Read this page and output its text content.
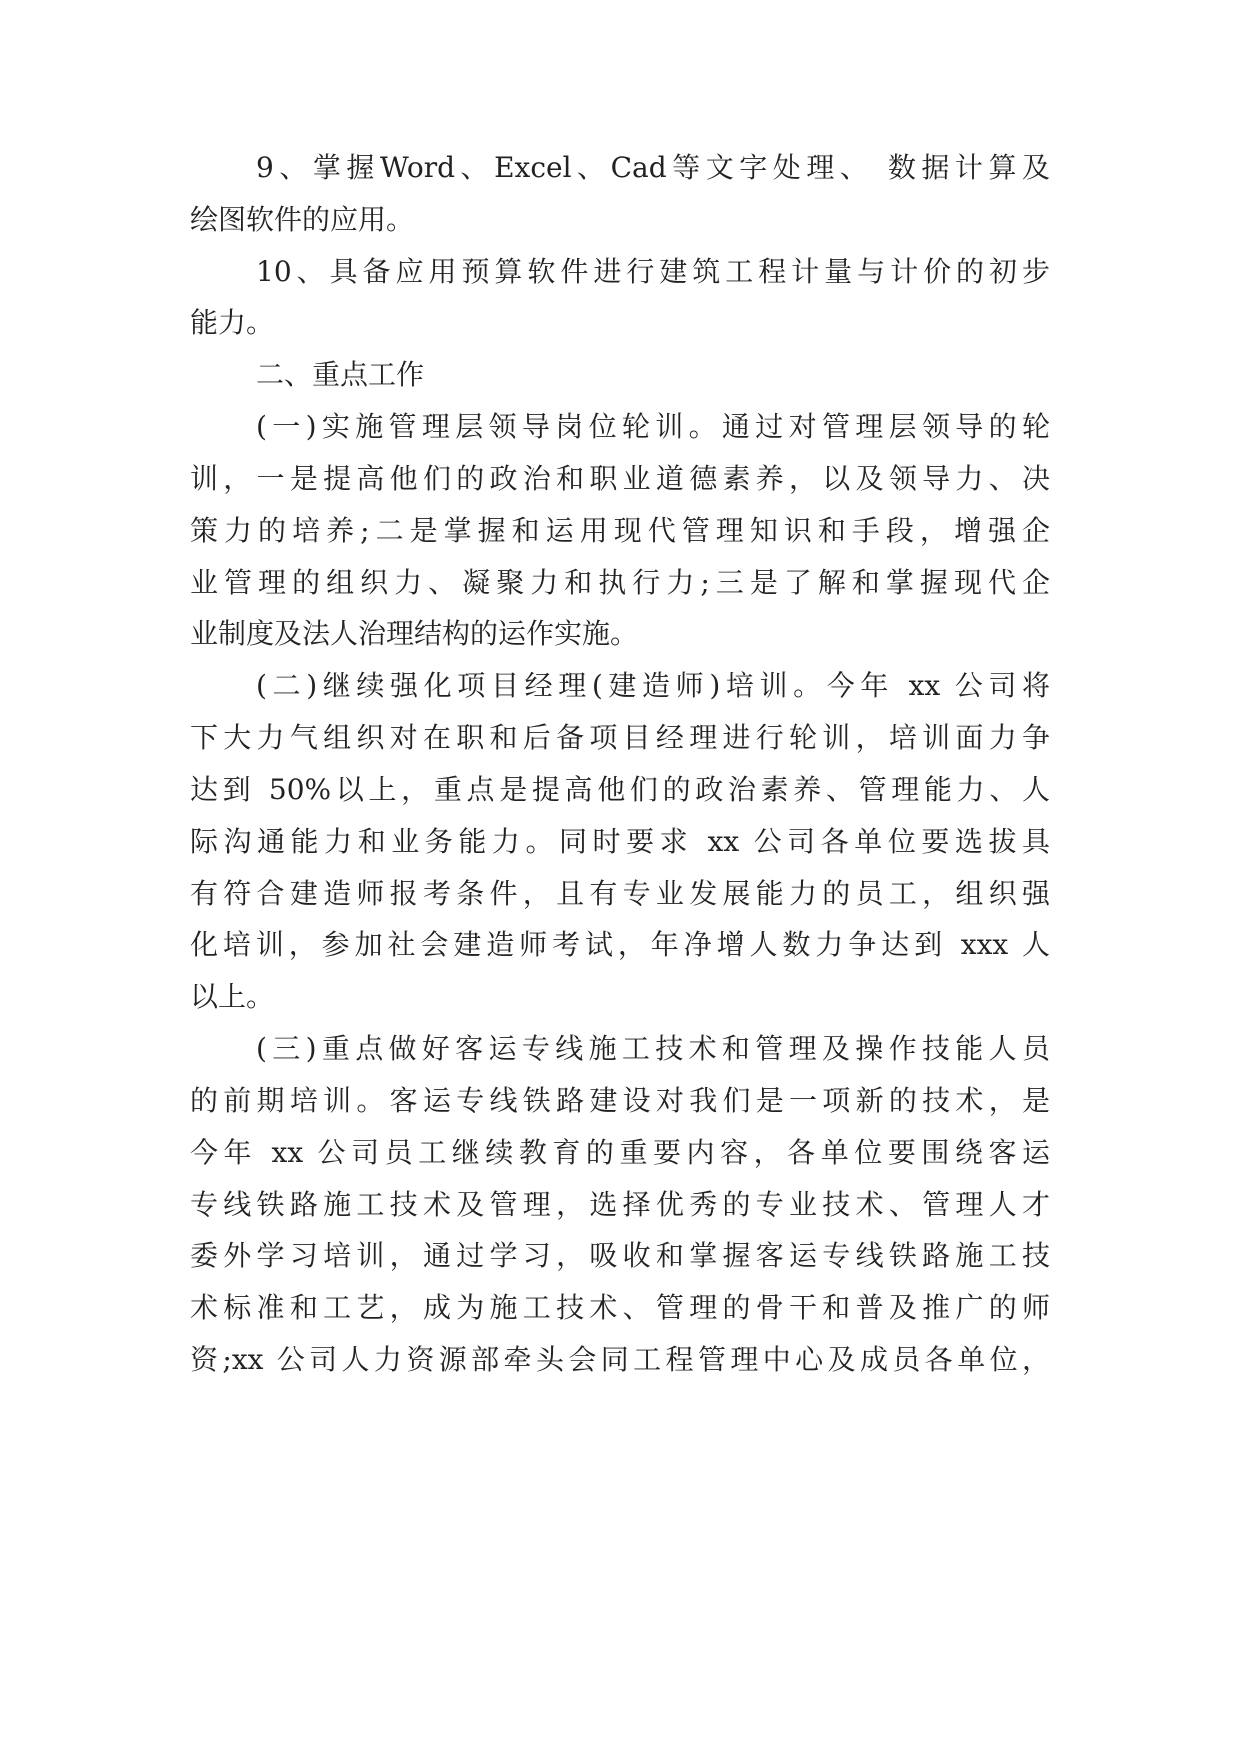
9、掌握Word、Excel、Cad等文字处理、 数据计算及
绘图软件的应用。
10、具备应用预算软件进行建筑工程计量与计价的初步
能力。
二、重点工作
(一)实施管理层领导岗位轮训。通过对管理层领导的轮
训，一是提高他们的政治和职业道德素养，以及领导力、决
策力的培养;二是掌握和运用现代管理知识和手段，增强企
业管理的组织力、凝聚力和执行力;三是了解和掌握现代企
业制度及法人治理结构的运作实施。
(二)继续强化项目经理(建造师)培训。今年 xx 公司将
下大力气组织对在职和后备项目经理进行轮训，培训面力争
达到 50%以上，重点是提高他们的政治素养、管理能力、人
际沟通能力和业务能力。同时要求 xx 公司各单位要选拔具
有符合建造师报考条件，且有专业发展能力的员工，组织强
化培训，参加社会建造师考试，年净增人数力争达到 xxx 人
以上。
(三)重点做好客运专线施工技术和管理及操作技能人员
的前期培训。客运专线铁路建设对我们是一项新的技术，是
今年 xx 公司员工继续教育的重要内容，各单位要围绕客运
专线铁路施工技术及管理，选择优秀的专业技术、管理人才
委外学习培训，通过学习，吸收和掌握客运专线铁路施工技
术标准和工艺，成为施工技术、管理的骨干和普及推广的师
资;xx 公司人力资源部牵头会同工程管理中心及成员各单位，
